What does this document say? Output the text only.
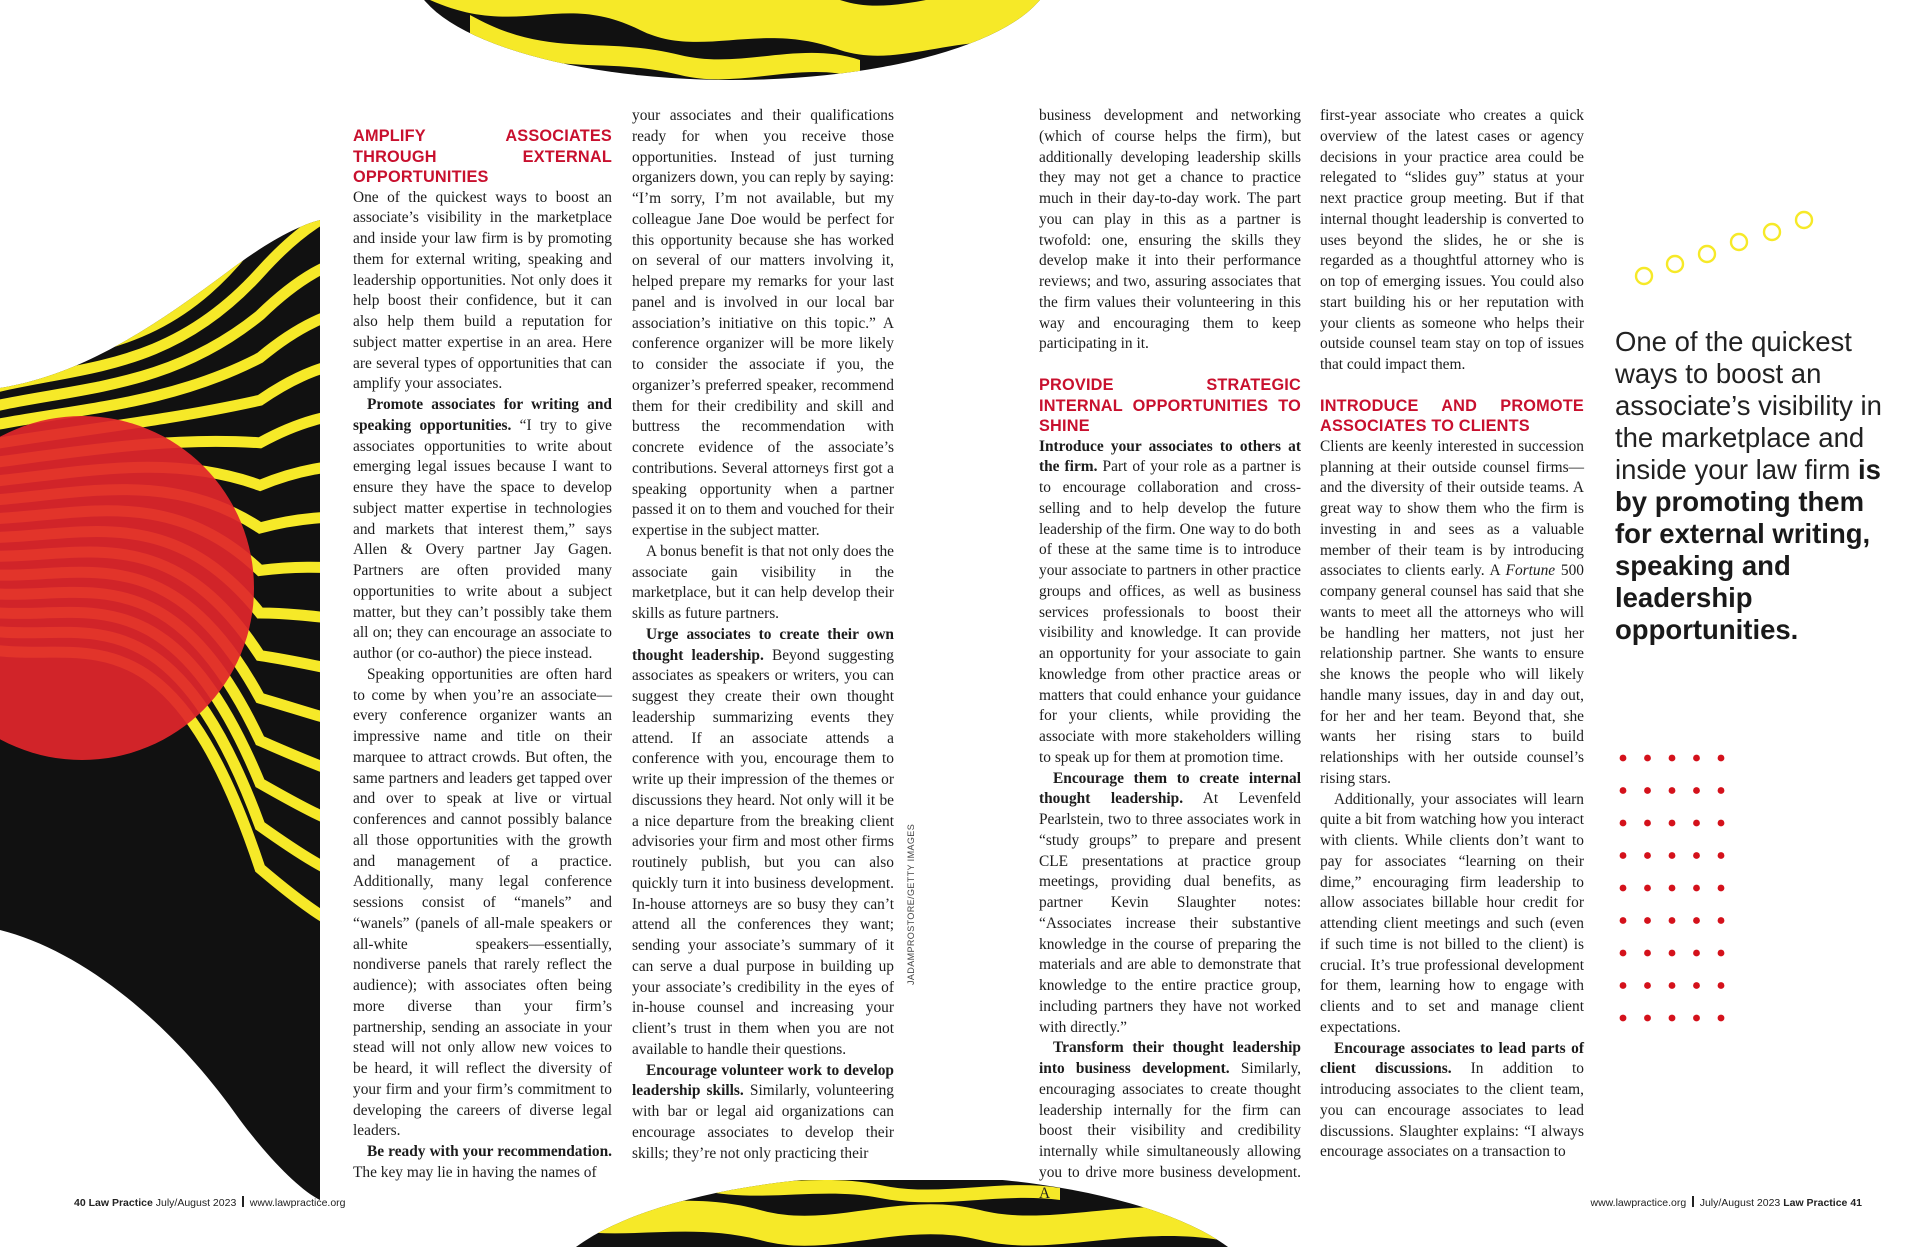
AMPLIFY ASSOCIATES THROUGH EXTERNAL OPPORTUNITIES

One of the quickest ways to boost an associate’s visibility in the marketplace and inside your law firm is by promoting them for external writing, speaking and leadership opportunities. Not only does it help boost their confidence, but it can also help them build a reputation for subject matter expertise in an area. Here are several types of opportunities that can amplify your associates.

Promote associates for writing and speaking opportunities. “I try to give associates opportunities to write about emerging legal issues because I want to ensure they have the space to develop subject matter expertise in technologies and markets that interest them,” says Allen & Overy partner Jay Gagen. Partners are often provided many opportunities to write about a subject matter, but they can’t possibly take them all on; they can encourage an associate to author (or co-author) the piece instead.

Speaking opportunities are often hard to come by when you’re an associate—every conference organizer wants an impressive name and title on their marquee to attract crowds. But often, the same partners and leaders get tapped over and over to speak at live or virtual conferences and cannot possibly balance all those opportunities with the growth and management of a practice. Additionally, many legal conference sessions consist of “manels” and “wanels” (panels of all-male speakers or all-white speakers—essentially, nondiverse panels that rarely reflect the audience); with associates often being more diverse than your firm’s partnership, sending an associate in your stead will not only allow new voices to be heard, it will reflect the diversity of your firm and your firm’s commitment to developing the careers of diverse legal leaders.

Be ready with your recommendation. The key may lie in having the names of

your associates and their qualifications ready for when you receive those opportunities. Instead of just turning organizers down, you can reply by saying: “I’m sorry, I’m not available, but my colleague Jane Doe would be perfect for this opportunity because she has worked on several of our matters involving it, helped prepare my remarks for your last panel and is involved in our local bar association’s initiative on this topic.” A conference organizer will be more likely to consider the associate if you, the organizer’s preferred speaker, recommend them for their credibility and skill and buttress the recommendation with concrete evidence of the associate’s contributions. Several attorneys first got a speaking opportunity when a partner passed it on to them and vouched for their expertise in the subject matter.

A bonus benefit is that not only does the associate gain visibility in the marketplace, but it can help develop their skills as future partners.

Urge associates to create their own thought leadership. Beyond suggesting associates as speakers or writers, you can suggest they create their own thought leadership summarizing events they attend. If an associate attends a conference with you, encourage them to write up their impression of the themes or discussions they heard. Not only will it be a nice departure from the breaking client advisories your firm and most other firms routinely publish, but you can also quickly turn it into business development. In-house attorneys are so busy they can’t attend all the conferences they want; sending your associate’s summary of it can serve a dual purpose in building up your associate’s credibility in the eyes of in-house counsel and increasing your client’s trust in them when you are not available to handle their questions.

Encourage volunteer work to develop leadership skills. Similarly, volunteering with bar or legal aid organizations can encourage associates to develop their skills; they’re not only practicing their

JADAMPROSTORE/GETTY IMAGES

business development and networking (which of course helps the firm), but additionally developing leadership skills they may not get a chance to practice much in their day-to-day work. The part you can play in this as a partner is twofold: one, ensuring the skills they develop make it into their performance reviews; and two, assuring associates that the firm values their volunteering in this way and encouraging them to keep participating in it.

PROVIDE STRATEGIC INTERNAL OPPORTUNITIES TO SHINE

Introduce your associates to others at the firm. Part of your role as a partner is to encourage collaboration and cross-selling and to help develop the future leadership of the firm. One way to do both of these at the same time is to introduce your associate to partners in other practice groups and offices, as well as business services professionals to boost their visibility and knowledge. It can provide an opportunity for your associate to gain knowledge from other practice areas or matters that could enhance your guidance for your clients, while providing the associate with more stakeholders willing to speak up for them at promotion time.

Encourage them to create internal thought leadership. At Levenfeld Pearlstein, two to three associates work in “study groups” to prepare and present CLE presentations at practice group meetings, providing dual benefits, as partner Kevin Slaughter notes: “Associates increase their substantive knowledge in the course of preparing the materials and are able to demonstrate that knowledge to the entire practice group, including partners they have not worked with directly.”

Transform their thought leadership into business development. Similarly, encouraging associates to create thought leadership internally for the firm can boost their visibility and credibility internally while simultaneously allowing you to drive more business development. A

first-year associate who creates a quick overview of the latest cases or agency decisions in your practice area could be relegated to “slides guy” status at your next practice group meeting. But if that internal thought leadership is converted to uses beyond the slides, he or she is regarded as a thoughtful attorney who is on top of emerging issues. You could also start building his or her reputation with your clients as someone who helps their outside counsel team stay on top of issues that could impact them.

INTRODUCE AND PROMOTE ASSOCIATES TO CLIENTS

Clients are keenly interested in succession planning at their outside counsel firms—and the diversity of their outside teams. A great way to show them who the firm is investing in and sees as a valuable member of their team is by introducing associates to clients early. A Fortune 500 company general counsel has said that she wants to meet all the attorneys who will be handling her matters, not just her relationship partner. She wants to ensure she knows the people who will likely handle many issues, day in and day out, for her and her team. Beyond that, she wants her rising stars to build relationships with her outside counsel’s rising stars.

Additionally, your associates will learn quite a bit from watching how you interact with clients. While clients don’t want to pay for associates “learning on their dime,” encouraging firm leadership to allow associates billable hour credit for attending client meetings and such (even if such time is not billed to the client) is crucial. It’s true professional development for them, learning how to engage with clients and to set and manage client expectations.

Encourage associates to lead parts of client discussions. In addition to introducing associates to the client team, you can encourage associates to lead discussions. Slaughter explains: “I always encourage associates on a transaction to

One of the quickest ways to boost an associate’s visibility in the marketplace and inside your law firm is by promoting them for external writing, speaking and leadership opportunities.
40 Law Practice July/August 2023 www.lawpractice.org	www.lawpractice.org July/August 2023 Law Practice 41
